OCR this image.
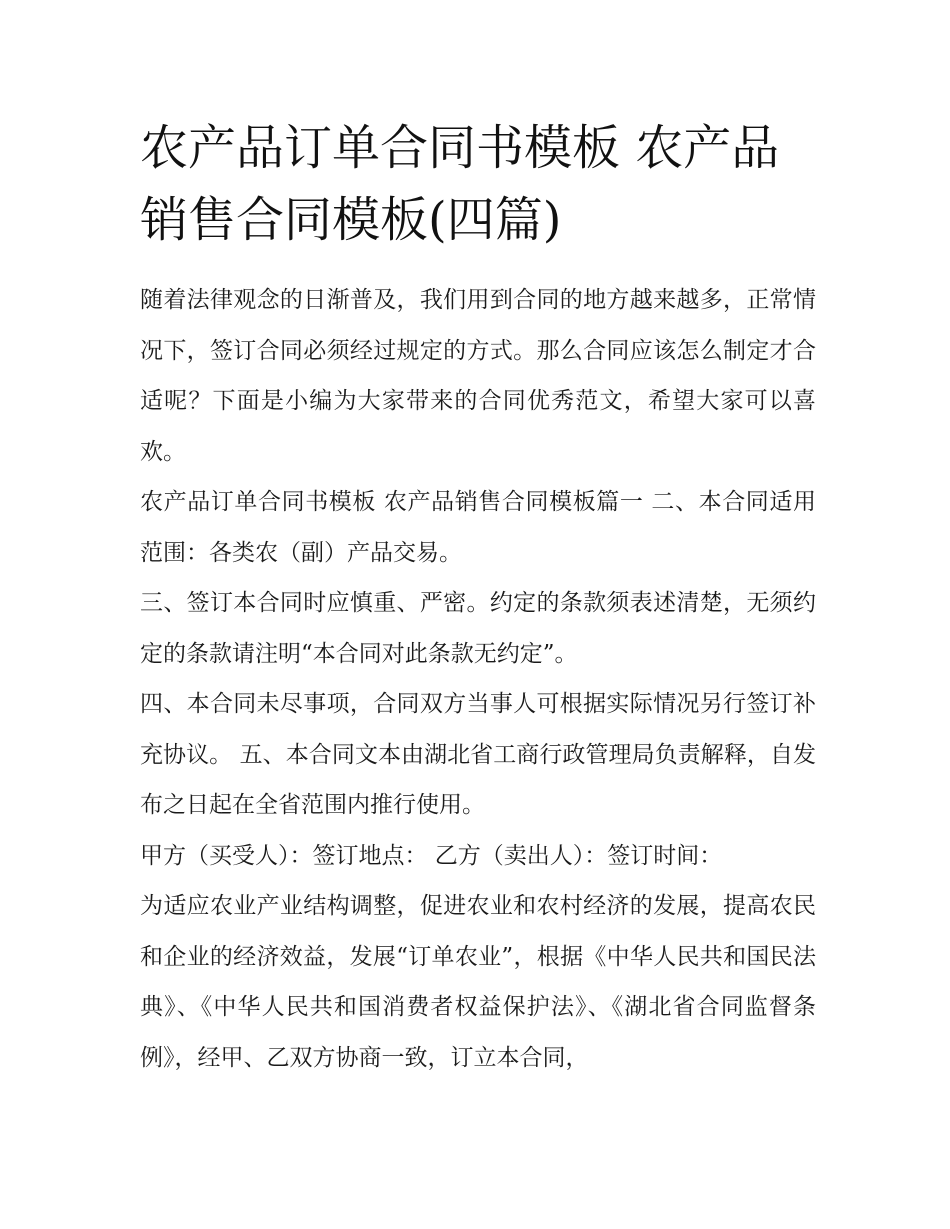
农产品订单合同书模板 农产品销售合同模板(四篇)

随着法律观念的日渐普及，我们用到合同的地方越来越多，正常情况下，签订合同必须经过规定的方式。那么合同应该怎么制定才合适呢？下面是小编为大家带来的合同优秀范文，希望大家可以喜欢。

农产品订单合同书模板 农产品销售合同模板篇一 二、本合同适用范围：各类农（副）产品交易。

三、签订本合同时应慎重、严密。约定的条款须表述清楚，无须约定的条款请注明“本合同对此条款无约定”。

四、本合同未尽事项，合同双方当事人可根据实际情况另行签订补充协议。 五、本合同文本由湖北省工商行政管理局负责解释，自发布之日起在全省范围内推行使用。

甲方（买受人）：签订地点： 乙方（卖出人）：签订时间：

为适应农业产业结构调整，促进农业和农村经济的发展，提高农民和企业的经济效益，发展“订单农业”，根据《中华人民共和国民法典》、《中华人民共和国消费者权益保护法》、《湖北省合同监督条例》，经甲、乙双方协商一致，订立本合同，
